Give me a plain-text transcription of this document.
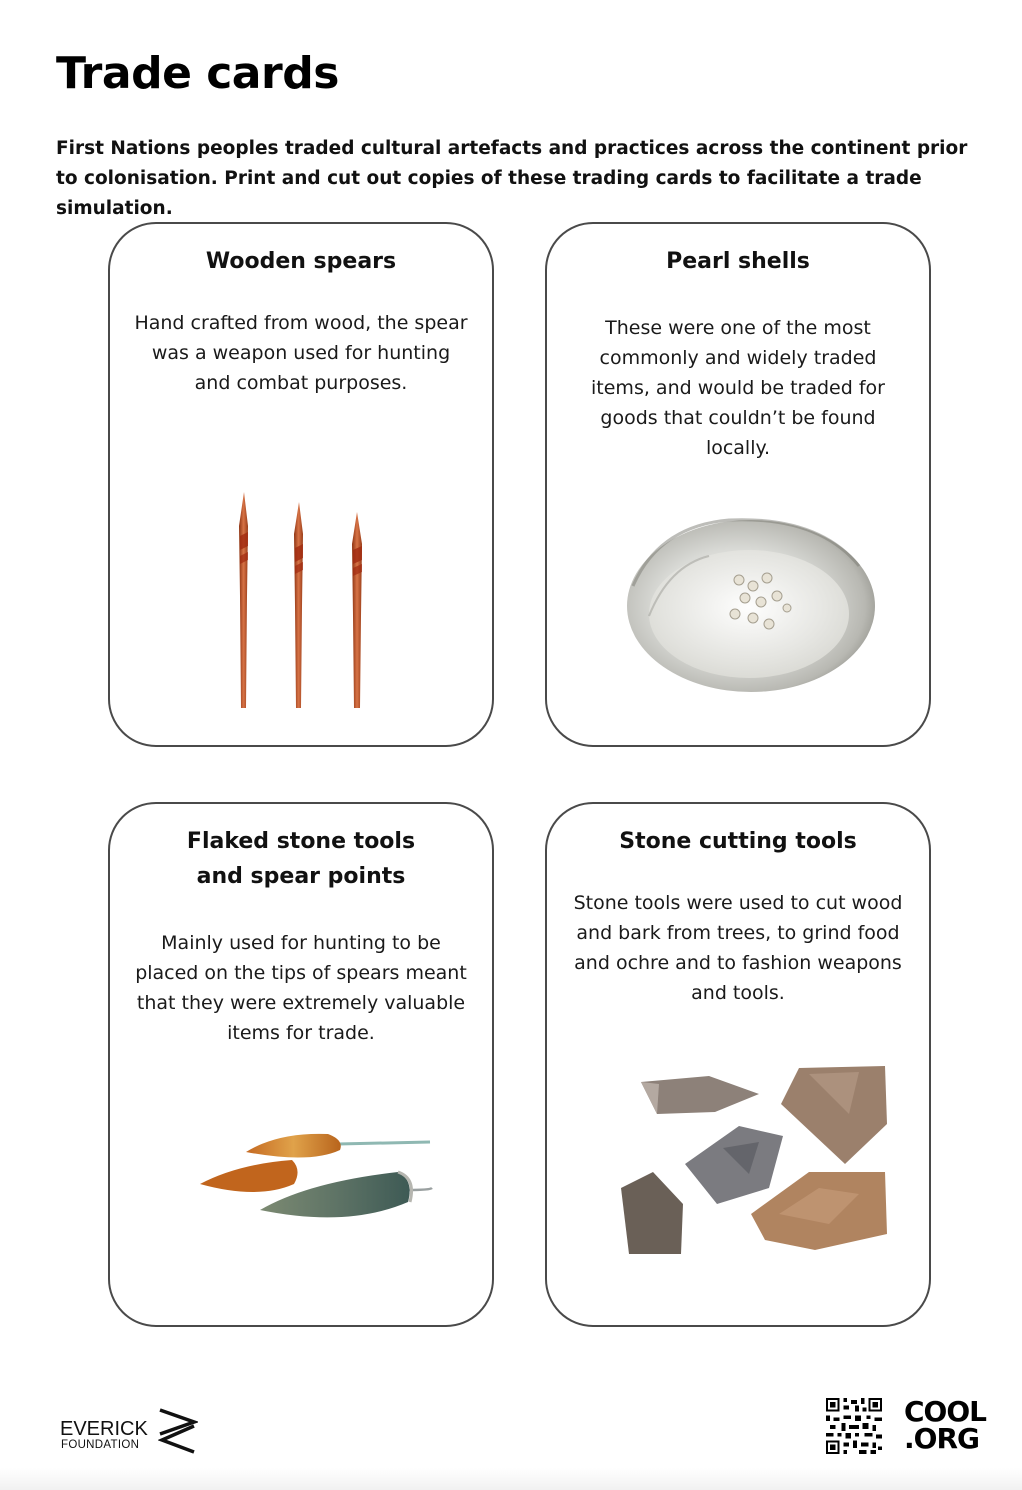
Trade cards

First Nations peoples traded cultural artefacts and practices across the continent prior to colonisation. Print and cut out copies of these trading cards to facilitate a trade simulation.

Wooden spears
Hand crafted from wood, the spear was a weapon used for hunting and combat purposes.
Pearl shells
These were one of the most commonly and widely traded items, and would be traded for goods that couldn’t be found locally.
Flaked stone tools
and spear points
Mainly used for hunting to be placed on the tips of spears meant that they were extremely valuable items for trade.
Stone cutting tools
Stone tools were used to cut wood and bark from trees, to grind food and ochre and to fashion weapons and tools.
EVERICK
FOUNDATION
COOL
.ORG
